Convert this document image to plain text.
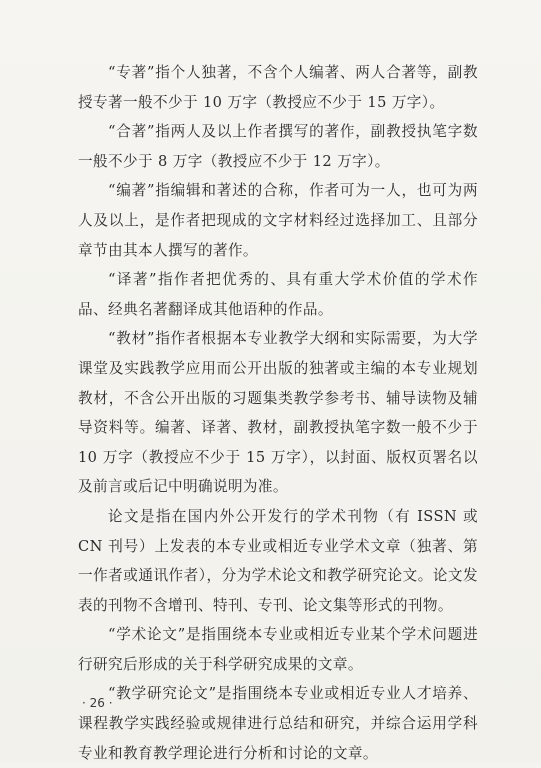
“专著”指个人独著，不含个人编著、两人合著等，副教授专著一般不少于 10 万字（教授应不少于 15 万字）。

“合著”指两人及以上作者撰写的著作，副教授执笔字数一般不少于 8 万字（教授应不少于 12 万字）。

“编著”指编辑和著述的合称，作者可为一人，也可为两人及以上，是作者把现成的文字材料经过选择加工、且部分章节由其本人撰写的著作。

“译著”指作者把优秀的、具有重大学术价值的学术作品、经典名著翻译成其他语种的作品。

“教材”指作者根据本专业教学大纲和实际需要，为大学课堂及实践教学应用而公开出版的独著或主编的本专业规划教材，不含公开出版的习题集类教学参考书、辅导读物及辅导资料等。编著、译著、教材，副教授执笔字数一般不少于 10 万字（教授应不少于 15 万字），以封面、版权页署名以及前言或后记中明确说明为准。

论文是指在国内外公开发行的学术刊物（有 ISSN 或 CN 刊号）上发表的本专业或相近专业学术文章（独著、第一作者或通讯作者），分为学术论文和教学研究论文。论文发表的刊物不含增刊、特刊、专刊、论文集等形式的刊物。

“学术论文”是指围绕本专业或相近专业某个学术问题进行研究后形成的关于科学研究成果的文章。

“教学研究论文”是指围绕本专业或相近专业人才培养、课程教学实践经验或规律进行总结和研究，并综合运用学科专业和教育教学理论进行分析和讨论的文章。

· 26 ·
